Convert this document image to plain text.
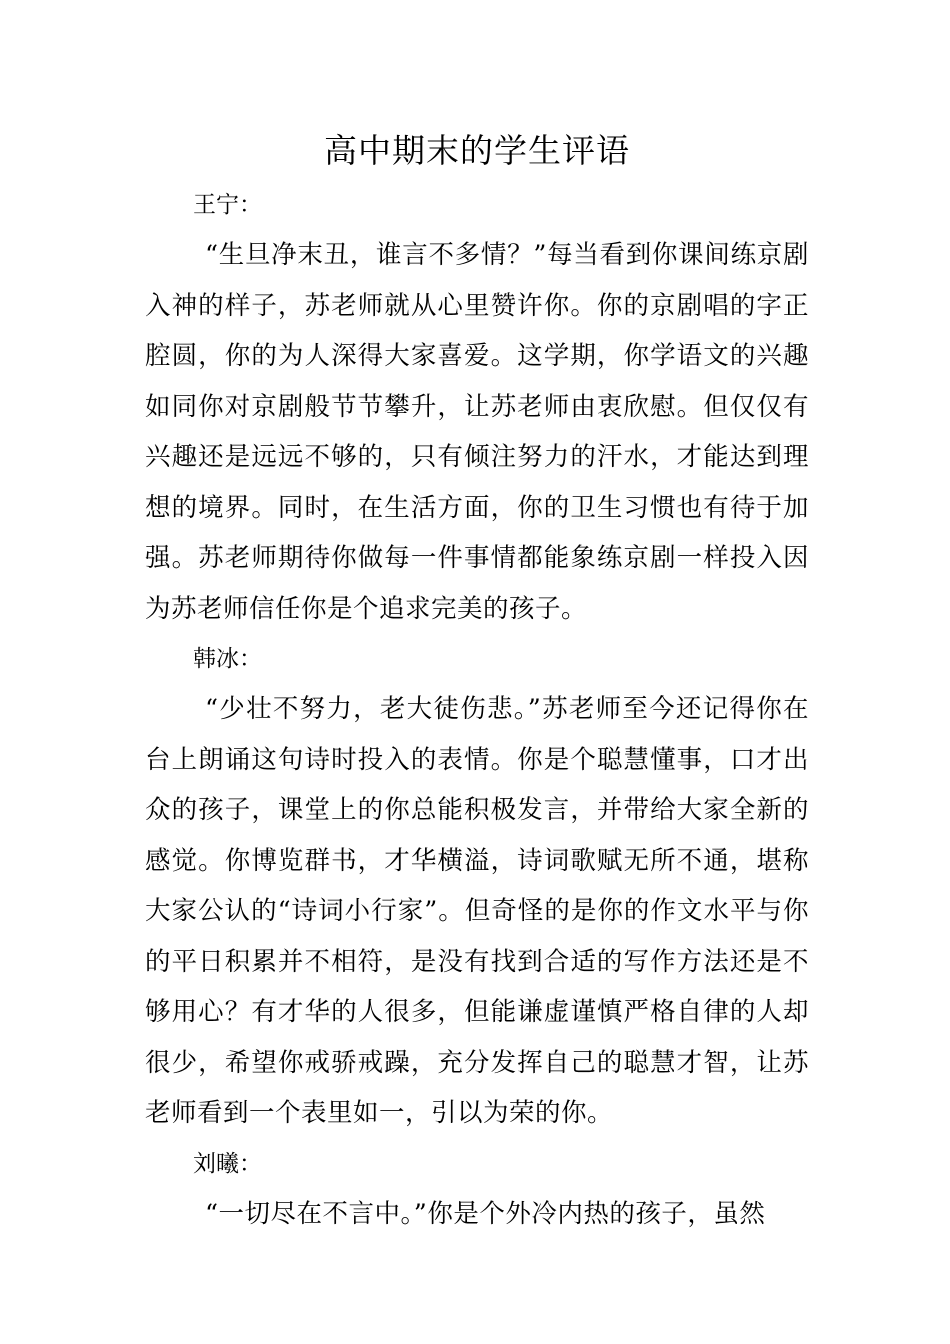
高中期末的学生评语

王宁：

“生旦净末丑，谁言不多情？”每当看到你课间练京剧入神的样子，苏老师就从心里赞许你。你的京剧唱的字正腔圆，你的为人深得大家喜爱。这学期，你学语文的兴趣如同你对京剧般节节攀升，让苏老师由衷欣慰。但仅仅有兴趣还是远远不够的，只有倾注努力的汗水，才能达到理想的境界。同时，在生活方面，你的卫生习惯也有待于加强。苏老师期待你做每一件事情都能象练京剧一样投入因为苏老师信任你是个追求完美的孩子。

韩冰：

“少壮不努力，老大徒伤悲。”苏老师至今还记得你在台上朗诵这句诗时投入的表情。你是个聪慧懂事，口才出众的孩子，课堂上的你总能积极发言，并带给大家全新的感觉。你博览群书，才华横溢，诗词歌赋无所不通，堪称大家公认的“诗词小行家”。但奇怪的是你的作文水平与你的平日积累并不相符，是没有找到合适的写作方法还是不够用心？有才华的人很多，但能谦虚谨慎严格自律的人却很少，希望你戒骄戒躁，充分发挥自己的聪慧才智，让苏老师看到一个表里如一，引以为荣的你。

刘曦：

“一切尽在不言中。”你是个外冷内热的孩子，虽然
